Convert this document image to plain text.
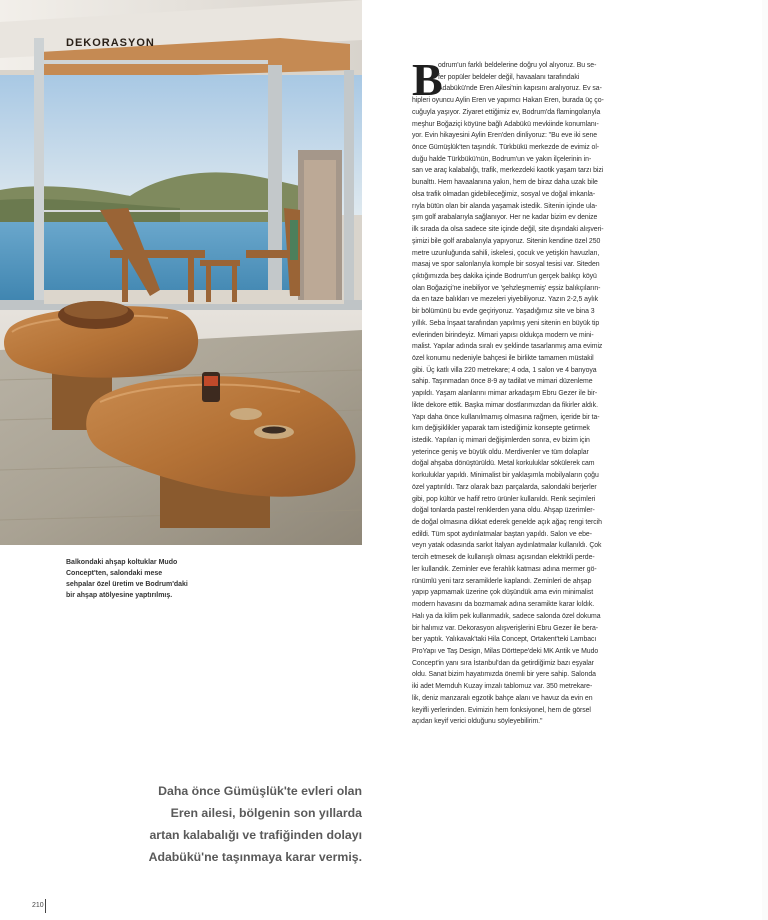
DEKORASYON
Balkondaki ahşap koltuklar Mudo
Concept'ten, salondaki mese
sehpalar özel üretim ve Bodrum'daki
bir ahşap atölyesine yaptırılmış.
Daha önce Gümüşlük'te evleri olan
Eren ailesi, bölgenin son yıllarda
artan kalabalığı ve trafiğinden dolayı
Adabükü'ne taşınmaya karar vermiş.
B
odrum'un farklı beldelerine doğru yol alıyoruz. Bu se-
fer popüler beldeler değil, havaalanı tarafındaki
Adabükü'nde Eren Ailesi'nin kapısını aralıyoruz. Ev sa-
hipleri oyuncu Aylin Eren ve yapımcı Hakan Eren, burada üç ço-
cuğuyla yaşıyor. Ziyaret ettiğimiz ev, Bodrum'da flamingolarıyla
meşhur Boğaziçi köyüne bağlı Adabükü mevkiinde konumlanı-
yor. Evin hikayesini Aylin Eren'den dinliyoruz: "Bu eve iki sene
önce Gümüşlük'ten taşındık. Türkbükü merkezde de evimiz ol-
duğu halde Türkbükü'nün, Bodrum'un ve yakın ilçelerinin in-
san ve araç kalabalığı, trafik, merkezdeki kaotik yaşam tarzı bizi
bunalttı. Hem havaalanına yakın, hem de biraz daha uzak bile
olsa trafik olmadan gidebileceğimiz, sosyal ve doğal imkanla-
rıyla bütün olan bir alanda yaşamak istedik. Sitenin içinde ula-
şım golf arabalarıyla sağlanıyor. Her ne kadar bizim ev denize
ilk sırada da olsa sadece site içinde değil, site dışındaki alışveri-
şimizi bile golf arabalarıyla yapıyoruz. Sitenin kendine özel 250
metre uzunluğunda sahili, iskelesi, çocuk ve yetişkin havuzları,
masaj ve spor salonlarıyla komple bir sosyal tesisi var. Siteden
çıktığımızda beş dakika içinde Bodrum'un gerçek balıkçı köyü
olan Boğaziçi'ne inebiliyor ve 'şehzleşmemiş' eşsiz balıkçıların-
da en taze balıkları ve mezeleri yiyebiliyoruz. Yazın 2-2,5 aylık
bir bölümünü bu evde geçiriyoruz. Yaşadığımız site ve bina 3
yıllık. Seba İnşaat tarafından yapılmış yeni sitenin en büyük tip
evlerinden birindeyiz. Mimari yapısı oldukça modern ve mini-
malist. Yapılar adında sıralı ev şeklinde tasarlanmış ama evimiz
özel konumu nedeniyle bahçesi ile birlikte tamamen müstakil
gibi. Üç katlı villa 220 metrekare; 4 oda, 1 salon ve 4 banyoya
sahip. Taşınmadan önce 8-9 ay tadilat ve mimari düzenleme
yapıldı. Yaşam alanlarını mimar arkadaşım Ebru Gezer ile bir-
likte dekore ettik. Başka mimar dostlarımızdan da fikirler aldık.
Yapı daha önce kullanılmamış olmasına rağmen, içeride bir ta-
kım değişiklikler yaparak tam istediğimiz konsepte getirmek
istedik. Yapılan iç mimari değişimlerden sonra, ev bizim için
yeterince geniş ve büyük oldu. Merdivenler ve tüm dolaplar
doğal ahşaba dönüştürüldü. Metal korkuluklar sökülerek cam
korkuluklar yapıldı. Minimalist bir yaklaşımla mobilyaların çoğu
özel yaptırıldı. Tarz olarak bazı parçalarda, salondaki berjerler
gibi, pop kültür ve hafif retro ürünler kullanıldı. Renk seçimleri
doğal tonlarda pastel renklerden yana oldu. Ahşap üzerimler-
de doğal olmasına dikkat ederek genelde açık ağaç rengi tercih
edildi. Tüm spot aydınlatmalar baştan yapıldı. Salon ve ebe-
veyn yatak odasında sarkıt İtalyan aydınlatmalar kullanıldı. Çok
tercih etmesek de kullanışlı olması açısından elektrikli perde-
ler kullandık. Zeminler eve ferahlık katması adına mermer gö-
rünümlü yeni tarz seramiklerle kaplandı. Zeminleri de ahşap
yapıp yapmamak üzerine çok düşündük ama evin minimalist
modern havasını da bozmamak adına seramikte karar kıldık.
Halı ya da kilim pek kullanmadık, sadece salonda özel dokuma
bir halımız var. Dekorasyon alışverişlerini Ebru Gezer ile bera-
ber yaptık. Yalıkavak'taki Hila Concept, Ortakent'teki Lambacı
ProYapı ve Taş Design, Milas Dörttepe'deki MK Antik ve Mudo
Concept'in yanı sıra İstanbul'dan da getirdiğimiz bazı eşyalar
oldu. Sanat bizim hayatımızda önemli bir yere sahip. Salonda
iki adet Memduh Kuzay imzalı tablomuz var. 350 metrekare-
lik, deniz manzaralı egzotik bahçe alanı ve havuz da evin en
keyifli yerlerinden. Evimizin hem fonksiyonel, hem de görsel
açıdan keyif verici olduğunu söyleyebilirim."
210
